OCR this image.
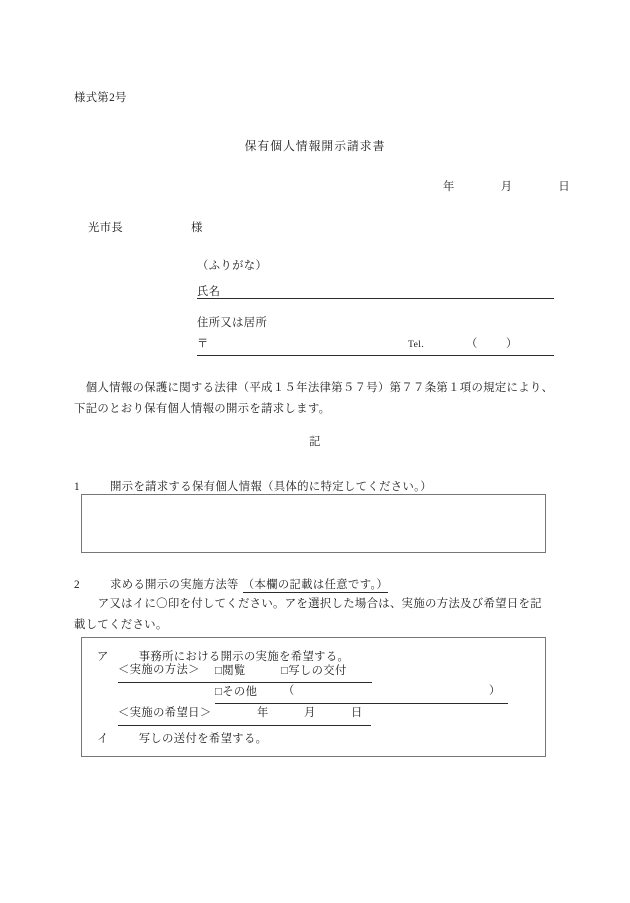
様式第2号
保有個人情報開示請求書
年	月	日
光市長	様
（ふりがな）
氏名
住所又は居所
〒	Tel.	（	）
　個人情報の保護に関する法律（平成１５年法律第５７号）第７７条第１項の規定により、
下記のとおり保有個人情報の開示を請求します。
記
1	開示を請求する保有個人情報（具体的に特定してください。）
2	求める開示の実施方法等 （本欄の記載は任意です。）
　ア又はイに〇印を付してください。アを選択した場合は、実施の方法及び希望日を記
載してください。
ア	事務所における開示の実施を希望する。
＜実施の方法＞ □閲覧	□写しの交付
□その他 （	）
＜実施の希望日＞	年	月	日
イ	写しの送付を希望する。
